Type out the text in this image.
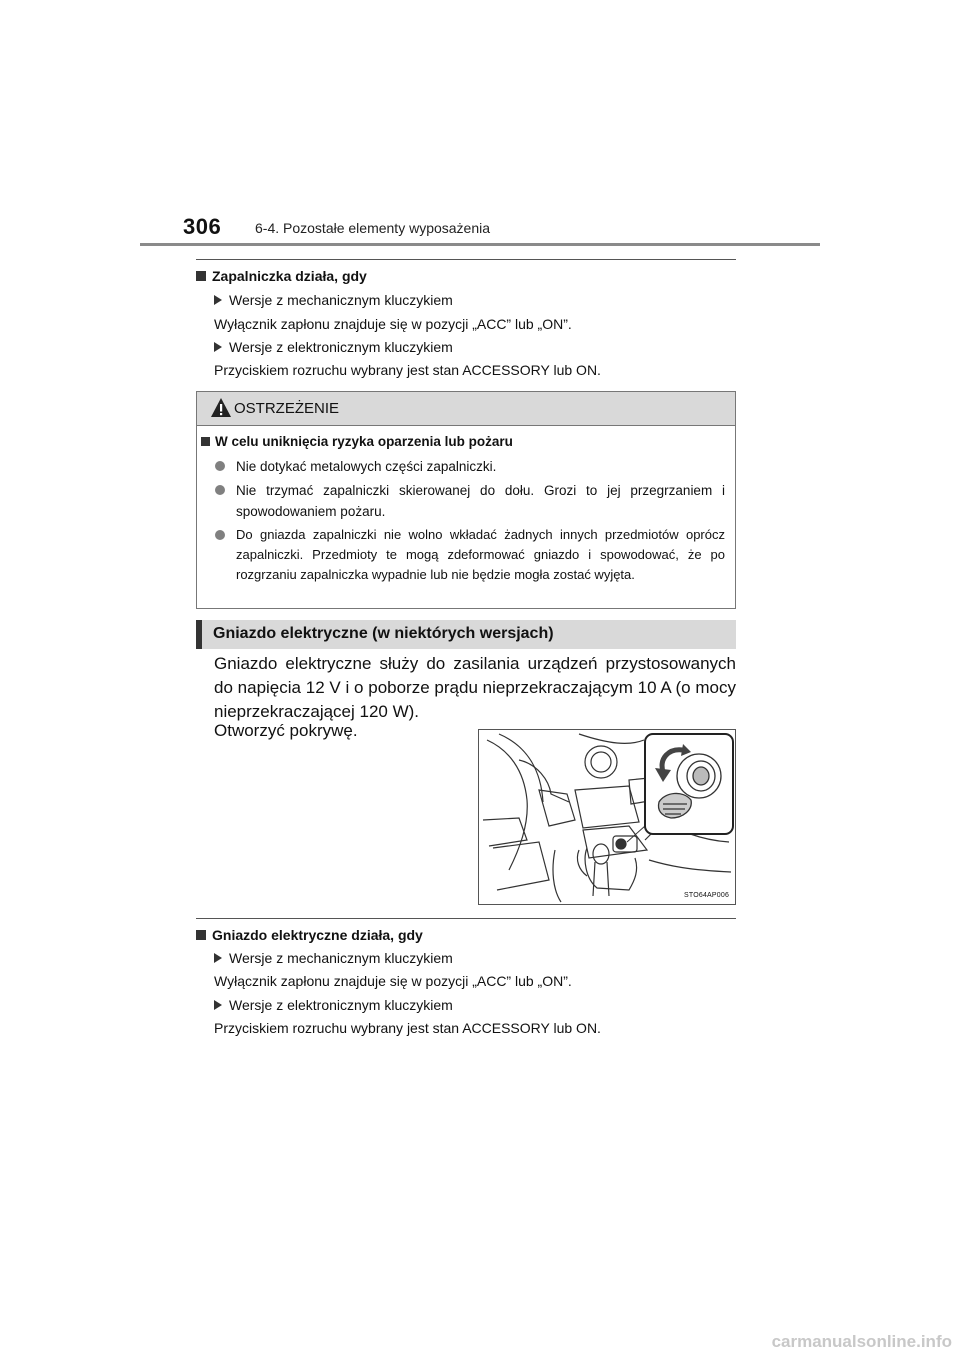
306 6-4. Pozostałe elementy wyposażenia
Zapalniczka działa, gdy
Wersje z mechanicznym kluczykiem
Wyłącznik zapłonu znajduje się w pozycji „ACC” lub „ON”.
Wersje z elektronicznym kluczykiem
Przyciskiem rozruchu wybrany jest stan ACCESSORY lub ON.
OSTRZEŻENIE
W celu uniknięcia ryzyka oparzenia lub pożaru
Nie dotykać metalowych części zapalniczki.
Nie trzymać zapalniczki skierowanej do dołu. Grozi to jej przegrzaniem i spowodowaniem pożaru.
Do gniazda zapalniczki nie wolno wkładać żadnych innych przedmiotów oprócz zapalniczki. Przedmioty te mogą zdeformować gniazdo i spowodować, że po rozgrzaniu zapalniczka wypadnie lub nie będzie mogła zostać wyjęta.
Gniazdo elektryczne (w niektórych wersjach)
Gniazdo elektryczne służy do zasilania urządzeń przystosowanych do napięcia 12 V i o poborze prądu nieprzekraczającym 10 A (o mocy nieprzekraczającej 120 W).
Otworzyć pokrywę.
STO64AP006
Gniazdo elektryczne działa, gdy
Wersje z mechanicznym kluczykiem
Wyłącznik zapłonu znajduje się w pozycji „ACC” lub „ON”.
Wersje z elektronicznym kluczykiem
Przyciskiem rozruchu wybrany jest stan ACCESSORY lub ON.
carmanualsonline.info
